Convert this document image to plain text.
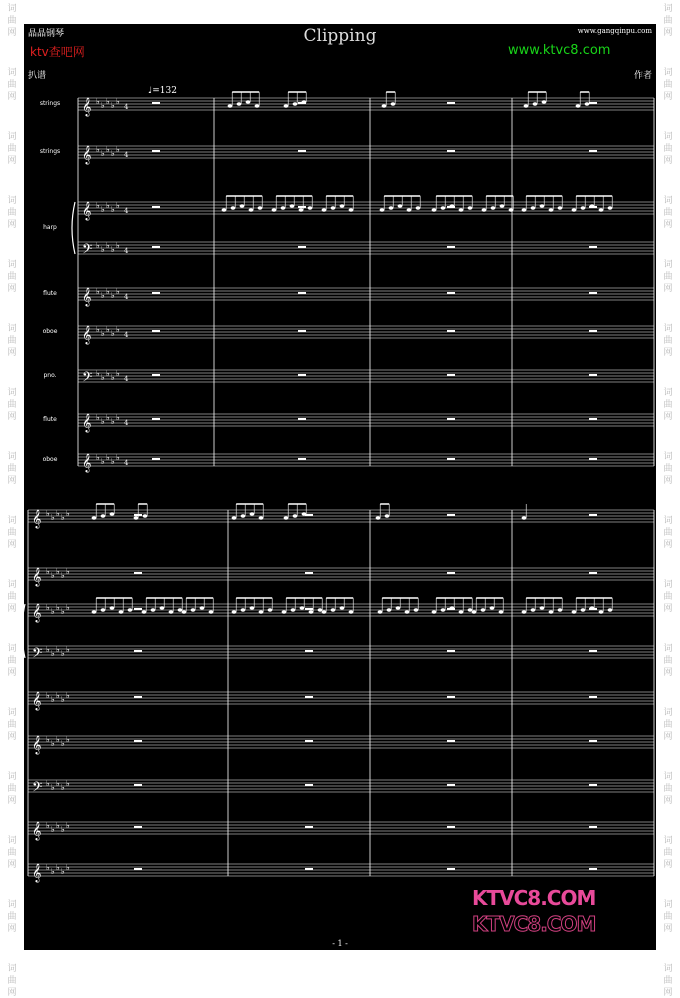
词
曲
网
词
曲
网
词
曲
网
词
曲
网
词
曲
网
词
曲
网
词
曲
网
词
曲
网
词
曲
网
词
曲
网
词
曲
网
词
曲
网
词
曲
网
词
曲
网
词
曲
网
词
曲
网
词
曲
网
词
曲
网
词
曲
网
词
曲
网
词
曲
网
词
曲
网
词
曲
网
词
曲
网
词
曲
网
词
曲
网
词
曲
网
词
曲
网
词
曲
网
词
曲
网
词
曲
网
词
曲
网
晶晶钢琴	Clipping	www.gangqinpu.com
ktv查吧网	www.ktvc8.com
扒谱	作者
♩=132
𝄞 ♭ ♭ ♭ ♭ ♭
4
𝄞 ♭ ♭ ♭ ♭ ♭
4
𝄞 ♭ ♭ ♭ ♭ ♭
4
𝄢 ♭ ♭ ♭ ♭ ♭
4
𝄞 ♭ ♭ ♭ ♭ ♭
4
𝄞 ♭ ♭ ♭ ♭ ♭
4
𝄢 ♭ ♭ ♭ ♭ ♭
4
𝄞 ♭ ♭ ♭ ♭ ♭
4
𝄞 ♭ ♭ ♭ ♭ ♭
4
𝄞 ♭ ♭ ♭ ♭ ♭
𝄞 ♭ ♭ ♭ ♭ ♭
𝄞 ♭ ♭ ♭ ♭ ♭
𝄢 ♭ ♭ ♭ ♭ ♭
𝄞 ♭ ♭ ♭ ♭ ♭
𝄞 ♭ ♭ ♭ ♭ ♭
𝄢 ♭ ♭ ♭ ♭ ♭
𝄞 ♭ ♭ ♭ ♭ ♭
𝄞 ♭ ♭ ♭ ♭ ♭
strings
strings
harp
flute
oboe
pno.
flute
oboe
- 1 -
KTVC8.COM
KTVC8.COM
